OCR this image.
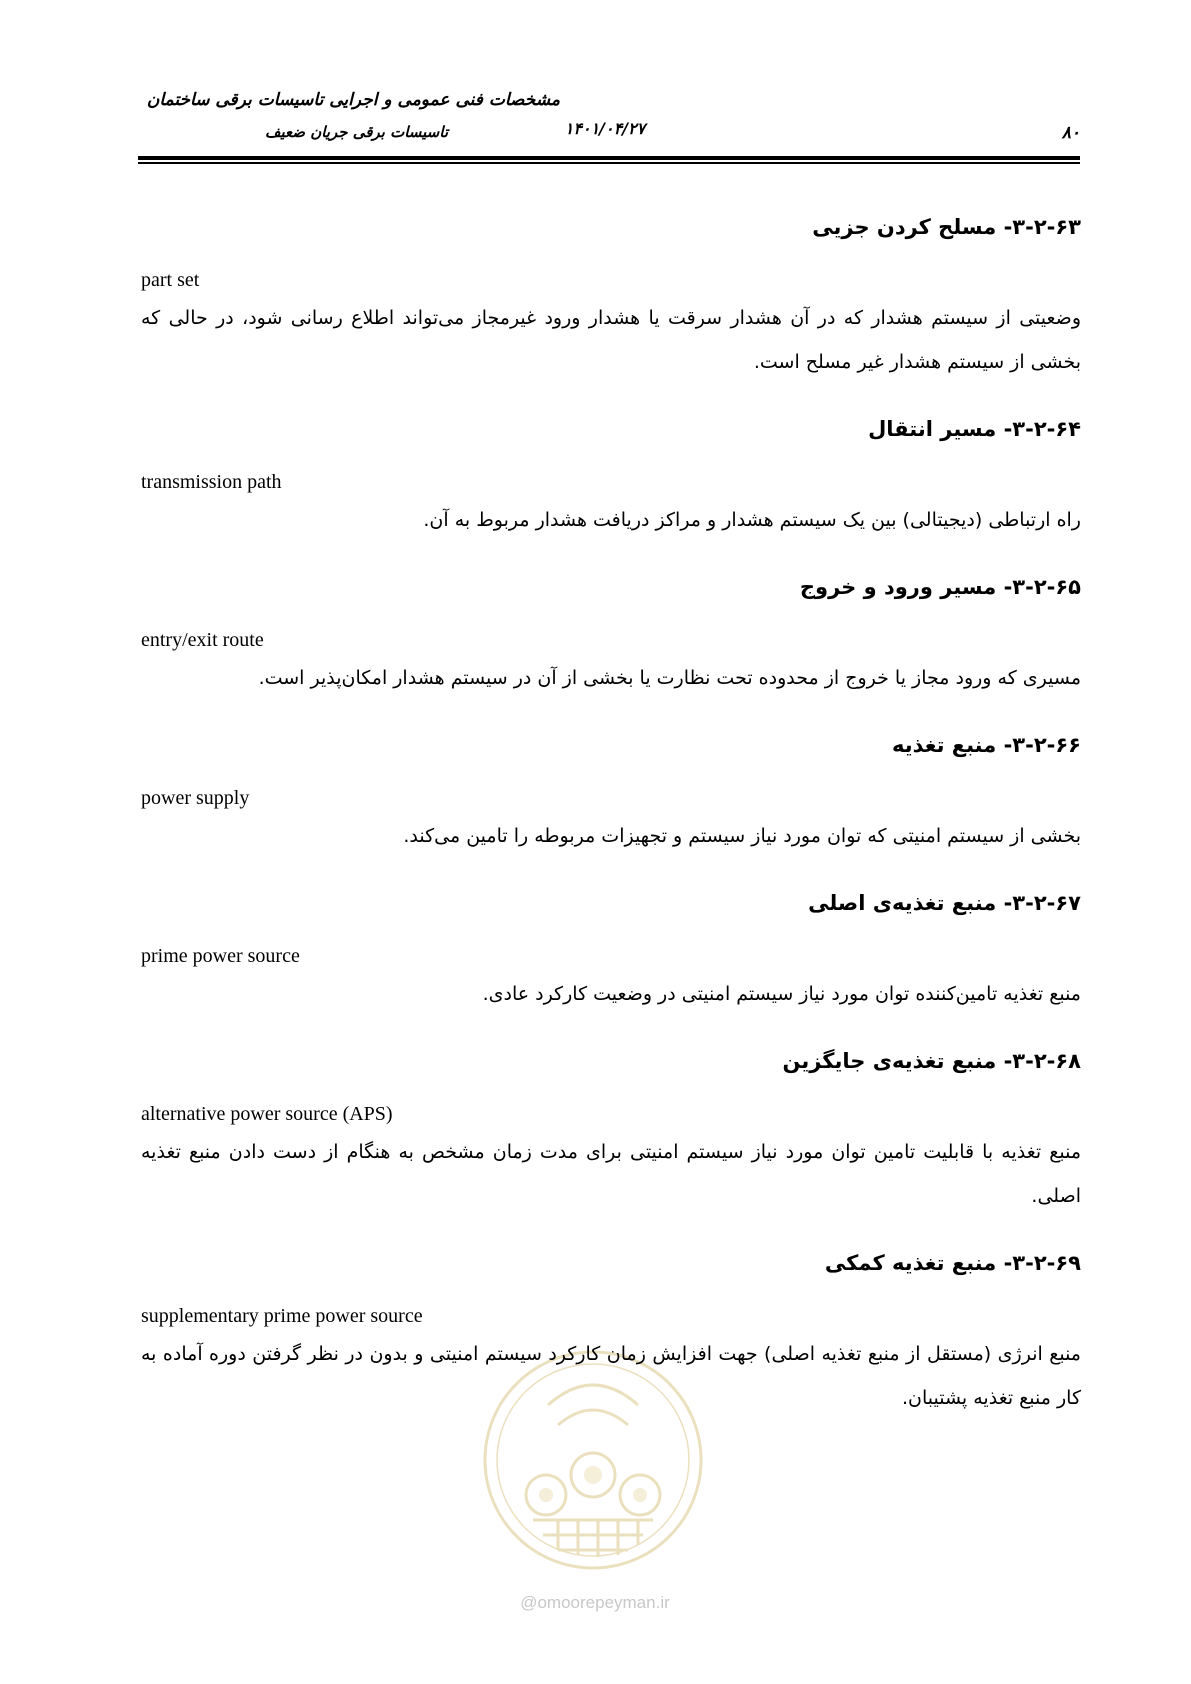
مشخصات فنی عمومی و اجرایی تاسیسات برقی ساختمان
تاسیسات برقی جریان ضعیف	۱۴۰۱/۰۴/۲۷	۸۰
@omoorepeyman.ir

۳-۲-۶۳- مسلح کردن جزیی

part set

وضعیتی از سیستم هشدار که در آن هشدار سرقت یا هشدار ورود غیرمجاز می‌تواند اطلاع رسانی شود، در حالی که بخشی از سیستم هشدار غیر مسلح است.

۳-۲-۶۴- مسیر انتقال

transmission path

راه ارتباطی (دیجیتالی) بین یک سیستم هشدار و مراکز دریافت هشدار مربوط به آن.

۳-۲-۶۵- مسیر ورود و خروج

entry/exit route

مسیری که ورود مجاز یا خروج از محدوده تحت نظارت یا بخشی از آن در سیستم هشدار امکان‌پذیر است.

۳-۲-۶۶- منبع تغذیه

power supply

بخشی از سیستم امنیتی که توان مورد نیاز سیستم و تجهیزات مربوطه را تامین می‌کند.

۳-۲-۶۷- منبع تغذیه‌ی اصلی

prime power source

منبع تغذیه تامین‌کننده توان مورد نیاز سیستم امنیتی در وضعیت کارکرد عادی.

۳-۲-۶۸- منبع تغذیه‌ی جایگزین

alternative power source (APS)

منبع تغذیه با قابلیت تامین توان مورد نیاز سیستم امنیتی برای مدت زمان مشخص به هنگام از دست دادن منبع تغذیه اصلی.

۳-۲-۶۹- منبع تغذیه کمکی

supplementary prime power source

منبع انرژی (مستقل از منبع تغذیه اصلی) جهت افزایش زمان کارکرد سیستم امنیتی و بدون در نظر گرفتن دوره آماده به کار منبع تغذیه پشتیبان.
